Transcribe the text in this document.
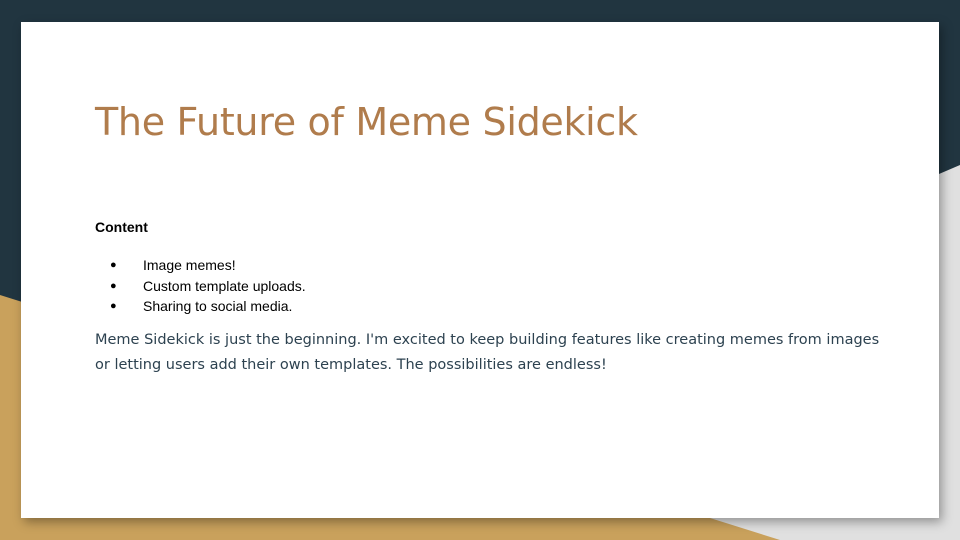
The Future of Meme Sidekick
Content
● Image memes!
● Custom template uploads.
● Sharing to social media.

Meme Sidekick is just the beginning. I'm excited to keep building features like creating memes from images or letting users add their own templates. The possibilities are endless!
